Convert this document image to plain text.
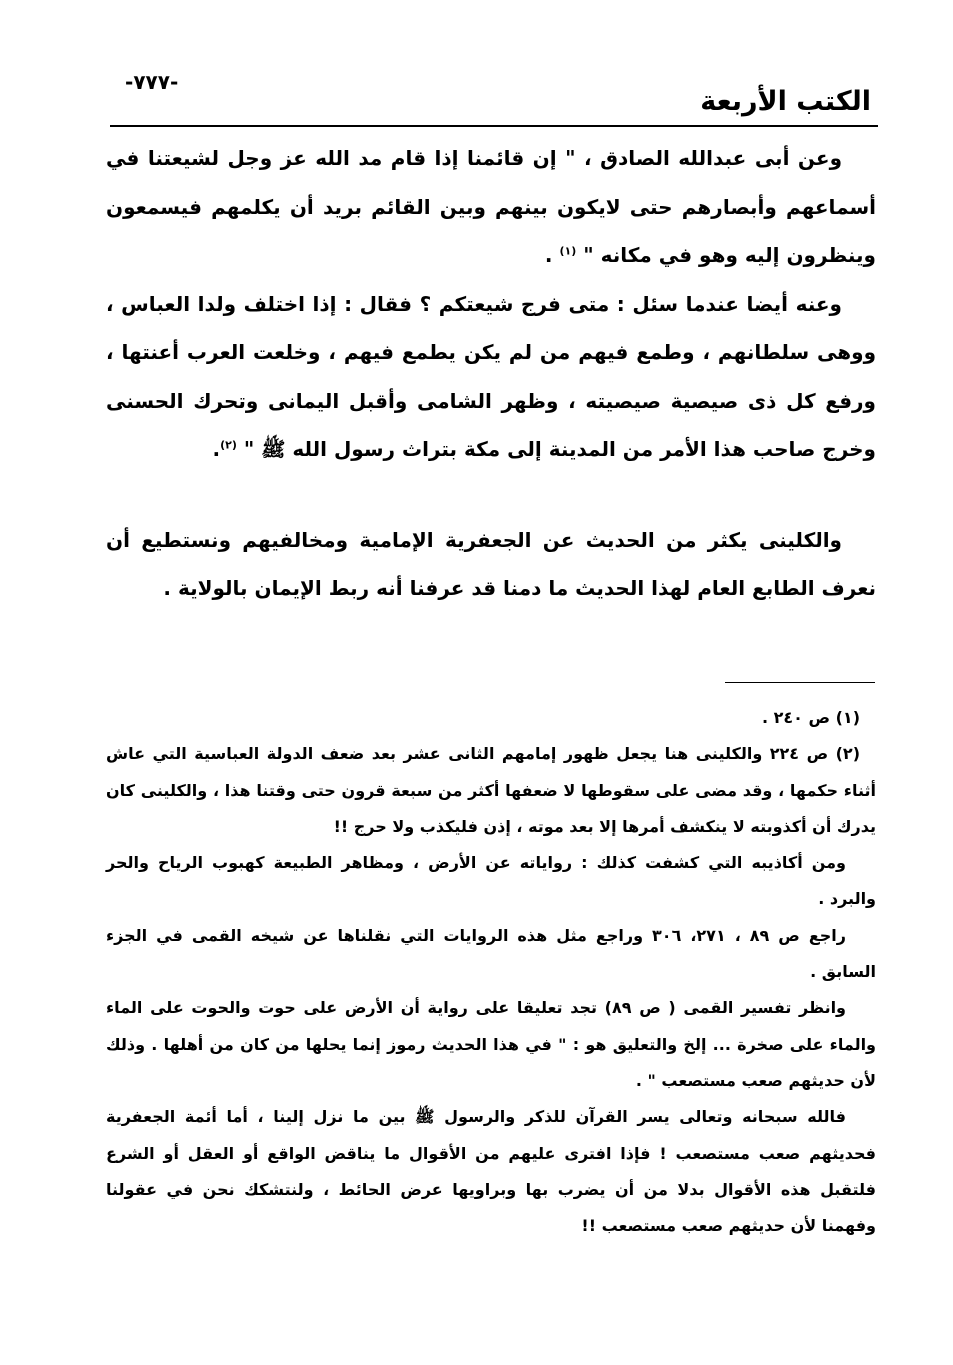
-٧٧٧-
الكتب الأربعة

وعن أبى عبدالله الصادق ، " إن قائمنا إذا قام مد الله عز وجل لشيعتنا في أسماعهم وأبصارهم حتى لايكون بينهم وبين القائم بريد أن يكلمهم فيسمعون وينظرون إليه وهو في مكانه " $^{(١)}$ .

وعنه أيضا عندما سئل : متى فرج شيعتكم ؟ فقال : إذا اختلف ولدا العباس ، ووهى سلطانهم ، وطمع فيهم من لم يكن يطمع فيهم ، وخلعت العرب أعنتها ، ورفع كل ذى صيصية صيصيته ، وظهر الشامى وأقبل اليمانى وتحرك الحسنى وخرج صاحب هذا الأمر من المدينة إلى مكة بتراث رسول الله ﷺ " $^{(٢)}$.

والكلينى يكثر من الحديث عن الجعفرية الإمامية ومخالفيهم ونستطيع أن نعرف الطابع العام لهذا الحديث ما دمنا قد عرفنا أنه ربط الإيمان بالولاية .

(١) ص ٢٤٠ .

(٢) ص ٢٢٤ والكلينى هنا يجعل ظهور إمامهم الثانى عشر بعد ضعف الدولة العباسية التي عاش أثناء حكمها ، وقد مضى على سقوطها لا ضعفها أكثر من سبعة قرون حتى وقتنا هذا ، والكلينى كان يدرك أن أكذوبته لا ينكشف أمرها إلا بعد موته ، إذن فليكذب ولا حرج !!

ومن أكاذيبه التي كشفت كذلك : رواياته عن الأرض ، ومظاهر الطبيعة كهبوب الرياح والحر والبرد .

راجع ص ٨٩ ، ٢٧١، ٣٠٦ وراجع مثل هذه الروايات التي نقلناها عن شيخه القمى في الجزء السابق .

وانظر تفسير القمى ( ص ٨٩) تجد تعليقا على رواية أن الأرض على حوت والحوت على الماء والماء على صخرة ... إلخ والتعليق هو : " في هذا الحديث رموز إنما يحلها من كان من أهلها . وذلك لأن حديثهم صعب مستصعب " .

فالله سبحانه وتعالى يسر القرآن للذكر والرسول ﷺ بين ما نزل إلينا ، أما أئمة الجعفرية فحديثهم صعب مستصعب ! فإذا افترى عليهم من الأقوال ما يناقض الواقع أو العقل أو الشرع فلتقبل هذه الأقوال بدلا من أن يضرب بها وبراويها عرض الحائط ، ولنتشكك نحن في عقولنا وفهمنا لأن حديثهم صعب مستصعب !!
